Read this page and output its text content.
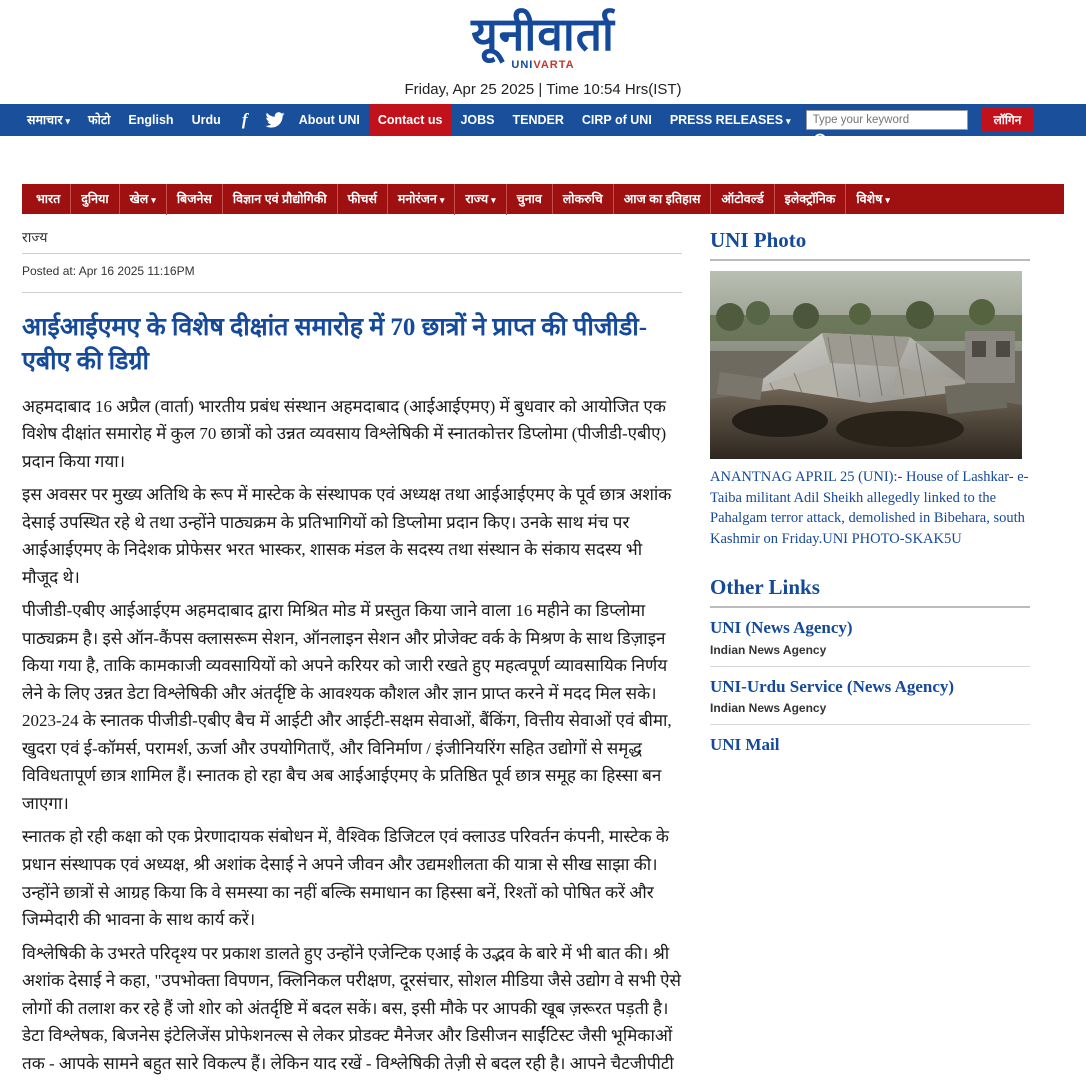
यूनीवार्ता
UNIVARTA
Friday, Apr 25 2025 | Time 10:54 Hrs(IST)
समाचार ▾	फोटो	English	Urdu	f	About UNI	Contact us	JOBS	TENDER	CIRP of UNI	PRESS RELEASES ▾
Type your keyword	लॉगिन
भारत	दुनिया	खेल ▾	बिजनेस	विज्ञान एवं प्रौद्योगिकी	फीचर्स	मनोरंजन ▾	राज्य ▾	चुनाव	लोकरुचि	आज का इतिहास	ऑटोवर्ल्ड	इलेक्ट्रॉनिक	विशेष ▾
राज्य
Posted at: Apr 16 2025 11:16PM
आईआईएमए के विशेष दीक्षांत समारोह में 70 छात्रों ने प्राप्त की पीजीडी-एबीए की डिग्री

अहमदाबाद 16 अप्रैल (वार्ता) भारतीय प्रबंध संस्थान अहमदाबाद (आईआईएमए) में बुधवार को आयोजित एक विशेष दीक्षांत समारोह में कुल 70 छात्रों को उन्नत व्यवसाय विश्लेषिकी में स्नातकोत्तर डिप्लोमा (पीजीडी-एबीए) प्रदान किया गया।

इस अवसर पर मुख्य अतिथि के रूप में मास्टेक के संस्थापक एवं अध्यक्ष तथा आईआईएमए के पूर्व छात्र अशांक देसाई उपस्थित रहे थे तथा उन्होंने पाठ्यक्रम के प्रतिभागियों को डिप्लोमा प्रदान किए। उनके साथ मंच पर आईआईएमए के निदेशक प्रोफेसर भरत भास्कर, शासक मंडल के सदस्य तथा संस्थान के संकाय सदस्य भी मौजूद थे।

पीजीडी-एबीए आईआईएम अहमदाबाद द्वारा मिश्रित मोड में प्रस्तुत किया जाने वाला 16 महीने का डिप्लोमा पाठ्यक्रम है। इसे ऑन-कैंपस क्लासरूम सेशन, ऑनलाइन सेशन और प्रोजेक्ट वर्क के मिश्रण के साथ डिज़ाइन किया गया है, ताकि कामकाजी व्यवसायियों को अपने करियर को जारी रखते हुए महत्वपूर्ण व्यावसायिक निर्णय लेने के लिए उन्नत डेटा विश्लेषिकी और अंतर्दृष्टि के आवश्यक कौशल और ज्ञान प्राप्त करने में मदद मिल सके। 2023-24 के स्नातक पीजीडी-एबीए बैच में आईटी और आईटी-सक्षम सेवाओं, बैंकिंग, वित्तीय सेवाओं एवं बीमा, खुदरा एवं ई-कॉमर्स, परामर्श, ऊर्जा और उपयोगिताएँ, और विनिर्माण / इंजीनियरिंग सहित उद्योगों से समृद्ध विविधतापूर्ण छात्र शामिल हैं। स्नातक हो रहा बैच अब आईआईएमए के प्रतिष्ठित पूर्व छात्र समूह का हिस्सा बन जाएगा।

स्नातक हो रही कक्षा को एक प्रेरणादायक संबोधन में, वैश्विक डिजिटल एवं क्लाउड परिवर्तन कंपनी, मास्टेक के प्रधान संस्थापक एवं अध्यक्ष, श्री अशांक देसाई ने अपने जीवन और उद्यमशीलता की यात्रा से सीख साझा की। उन्होंने छात्रों से आग्रह किया कि वे समस्या का नहीं बल्कि समाधान का हिस्सा बनें, रिश्तों को पोषित करें और जिम्मेदारी की भावना के साथ कार्य करें।

विश्लेषिकी के उभरते परिदृश्य पर प्रकाश डालते हुए उन्होंने एजेन्टिक एआई के उद्भव के बारे में भी बात की। श्री अशांक देसाई ने कहा, "उपभोक्ता विपणन, क्लिनिकल परीक्षण, दूरसंचार, सोशल मीडिया जैसे उद्योग वे सभी ऐसे लोगों की तलाश कर रहे हैं जो शोर को अंतर्दृष्टि में बदल सकें। बस, इसी मौके पर आपकी खूब ज़रूरत पड़ती है। डेटा विश्लेषक, बिजनेस इंटेलिजेंस प्रोफेशनल्स से लेकर प्रोडक्ट मैनेजर और डिसीजन साईंटिस्ट जैसी भूमिकाओं तक - आपके सामने बहुत सारे विकल्प हैं। लेकिन याद रखें - विश्लेषिकी तेज़ी से बदल रही है। आपने चैटजीपीटी

UNI Photo
ANANTNAG APRIL 25 (UNI):- House of Lashkar- e- Taiba militant Adil Sheikh allegedly linked to the Pahalgam terror attack, demolished in Bibehara, south Kashmir on Friday.UNI PHOTO-SKAK5U
Other Links
UNI (News Agency)
Indian News Agency
UNI-Urdu Service (News Agency)
Indian News Agency
UNI Mail
